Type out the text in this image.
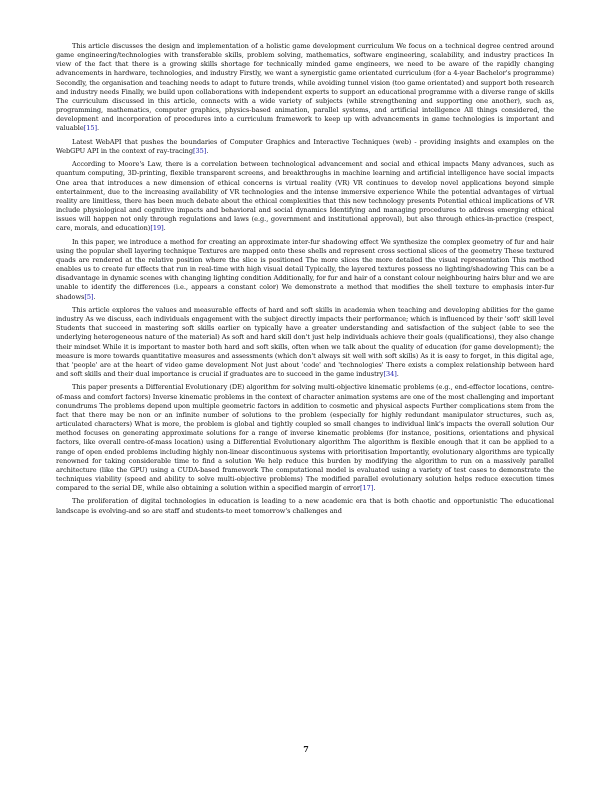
This article discusses the design and implementation of a holistic game development curriculum We focus on a technical degree centred around game engineering/technologies with transferable skills, problem solving, mathematics, software engineering, scalability, and industry practices In view of the fact that there is a growing skills shortage for technically minded game engineers, we need to be aware of the rapidly changing advancements in hardware, technologies, and industry Firstly, we want a synergistic game orientated curriculum (for a 4-year Bachelor's programme) Secondly, the organisation and teaching needs to adapt to future trends, while avoiding tunnel vision (too game orientated) and support both research and industry needs Finally, we build upon collaborations with independent experts to support an educational programme with a diverse range of skills The curriculum discussed in this article, connects with a wide variety of subjects (while strengthening and supporting one another), such as, programming, mathematics, computer graphics, physics-based animation, parallel systems, and artificial intelligence All things considered, the development and incorporation of procedures into a curriculum framework to keep up with advancements in game technologies is important and valuable[15].

Latest WebAPI that pushes the boundaries of Computer Graphics and Interactive Techniques (web) - providing insights and examples on the WebGPU API in the context of ray-tracing[35].

According to Moore's Law, there is a correlation between technological advancement and social and ethical impacts Many advances, such as quantum computing, 3D-printing, flexible transparent screens, and breakthroughs in machine learning and artificial intelligence have social impacts One area that introduces a new dimension of ethical concerns is virtual reality (VR) VR continues to develop novel applications beyond simple entertainment, due to the increasing availability of VR technologies and the intense immersive experience While the potential advantages of virtual reality are limitless, there has been much debate about the ethical complexities that this new technology presents Potential ethical implications of VR include physiological and cognitive impacts and behavioral and social dynamics Identifying and managing procedures to address emerging ethical issues will happen not only through regulations and laws (e.g., government and institutional approval), but also through ethics-in-practice (respect, care, morals, and education)[19].

In this paper, we introduce a method for creating an approximate inter-fur shadowing effect We synthesize the complex geometry of fur and hair using the popular shell layering technique Textures are mapped onto these shells and represent cross sectional slices of the geometry These textured quads are rendered at the relative position where the slice is positioned The more slices the more detailed the visual representation This method enables us to create fur effects that run in real-time with high visual detail Typically, the layered textures possess no lighting/shadowing This can be a disadvantage in dynamic scenes with changing lighting condition Additionally, for fur and hair of a constant colour neighbouring hairs blur and we are unable to identify the differences (i.e., appears a constant color) We demonstrate a method that modifies the shell texture to emphasis inter-fur shadows[5].

This article explores the values and measurable effects of hard and soft skills in academia when teaching and developing abilities for the game industry As we discuss, each individuals engagement with the subject directly impacts their performance; which is influenced by their 'soft' skill level Students that succeed in mastering soft skills earlier on typically have a greater understanding and satisfaction of the subject (able to see the underlying heterogeneous nature of the material) As soft and hard skill don't just help individuals achieve their goals (qualifications), they also change their mindset While it is important to master both hard and soft skills, often when we talk about the quality of education (for game development); the measure is more towards quantitative measures and assessments (which don't always sit well with soft skills) As it is easy to forget, in this digital age, that 'people' are at the heart of video game development Not just about 'code' and 'technologies' There exists a complex relationship between hard and soft skills and their dual importance is crucial if graduates are to succeed in the game industry[34].

This paper presents a Differential Evolutionary (DE) algorithm for solving multi-objective kinematic problems (e.g., end-effector locations, centre-of-mass and comfort factors) Inverse kinematic problems in the context of character animation systems are one of the most challenging and important conundrums The problems depend upon multiple geometric factors in addition to cosmetic and physical aspects Further complications stem from the fact that there may be non or an infinite number of solutions to the problem (especially for highly redundant manipulator structures, such as, articulated characters) What is more, the problem is global and tightly coupled so small changes to individual link's impacts the overall solution Our method focuses on generating approximate solutions for a range of inverse kinematic problems (for instance, positions, orientations and physical factors, like overall centre-of-mass location) using a Differential Evolutionary algorithm The algorithm is flexible enough that it can be applied to a range of open ended problems including highly non-linear discontinuous systems with prioritisation Importantly, evolutionary algorithms are typically renowned for taking considerable time to find a solution We help reduce this burden by modifying the algorithm to run on a massively parallel architecture (like the GPU) using a CUDA-based framework The computational model is evaluated using a variety of test cases to demonstrate the techniques viability (speed and ability to solve multi-objective problems) The modified parallel evolutionary solution helps reduce execution times compared to the serial DE, while also obtaining a solution within a specified margin of error[17].

The proliferation of digital technologies in education is leading to a new academic era that is both chaotic and opportunistic The educational landscape is evolving-and so are staff and students-to meet tomorrow's challenges and

7
